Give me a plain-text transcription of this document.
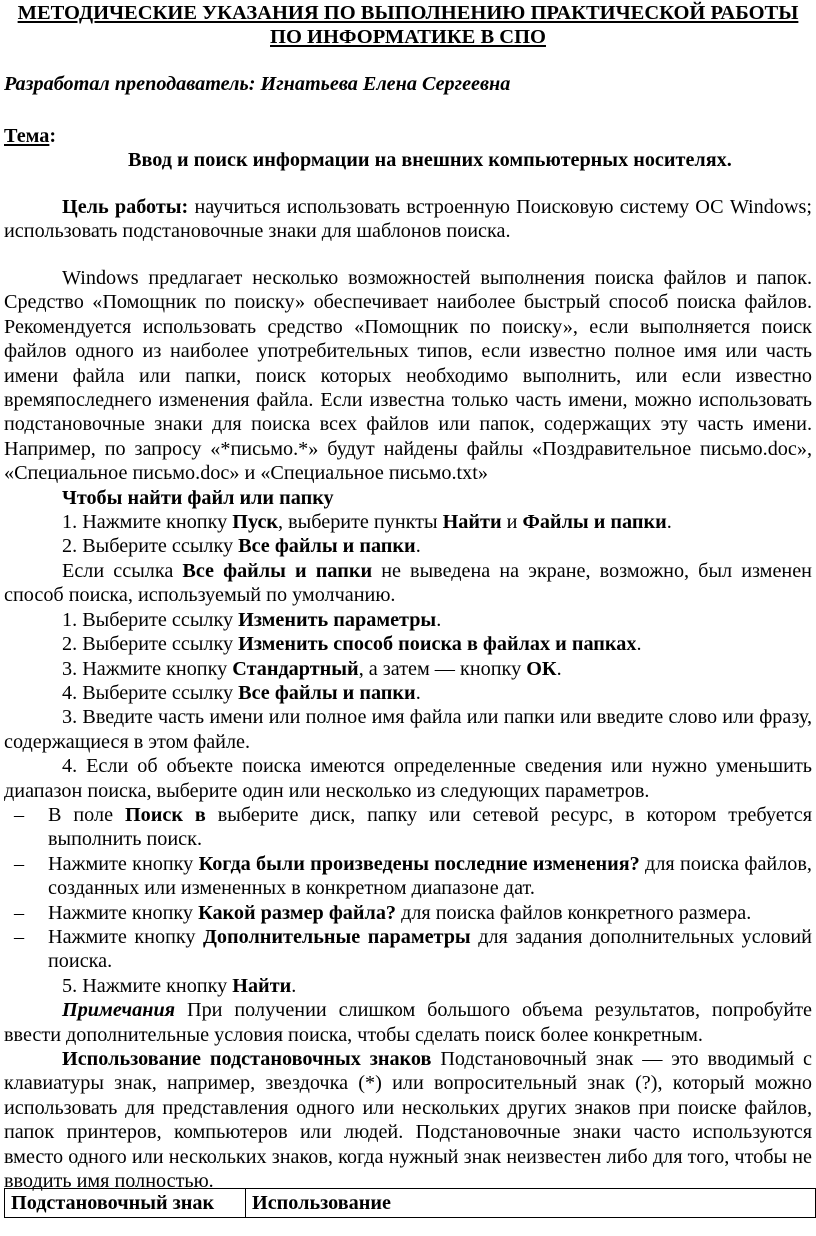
МЕТОДИЧЕСКИЕ УКАЗАНИЯ ПО ВЫПОЛНЕНИЮ ПРАКТИЧЕСКОЙ РАБОТЫ
ПО ИНФОРМАТИКЕ В СПО
Разработал преподаватель: Игнатьева Елена Сергеевна
Тема:
Ввод и поиск информации на внешних компьютерных носителях.
Цель работы: научиться использовать встроенную Поисковую систему ОС Windows; использовать подстановочные знаки для шаблонов поиска.

Windows предлагает несколько возможностей выполнения поиска файлов и папок. Средство «Помощник по поиску» обеспечивает наиболее быстрый способ поиска файлов. Рекомендуется использовать средство «Помощник по поиску», если выполняется поиск файлов одного из наиболее употребительных типов, если известно полное имя или часть имени файла или папки, поиск которых необходимо выполнить, или если известно времяпоследнего изменения файла. Если известна только часть имени, можно использовать подстановочные знаки для поиска всех файлов или папок, содержащих эту часть имени. Например, по запросу «*письмо.*» будут найдены файлы «Поздравительное письмо.doc», «Специальное письмо.doc» и «Специальное письмо.txt»

Чтобы найти файл или папку

1. Нажмите кнопку Пуск, выберите пункты Найти и Файлы и папки.

2. Выберите ссылку Все файлы и папки.

Если ссылка Все файлы и папки не выведена на экране, возможно, был изменен способ поиска, используемый по умолчанию.

1. Выберите ссылку Изменить параметры.

2. Выберите ссылку Изменить способ поиска в файлах и папках.

3. Нажмите кнопку Стандартный, а затем — кнопку ОК.

4. Выберите ссылку Все файлы и папки.

3. Введите часть имени или полное имя файла или папки или введите слово или фразу, содержащиеся в этом файле.

4. Если об объекте поиска имеются определенные сведения или нужно уменьшить диапазон поиска, выберите один или несколько из следующих параметров.

– В поле Поиск в выберите диск, папку или сетевой ресурс, в котором требуется выполнить поиск.

– Нажмите кнопку Когда были произведены последние изменения? для поиска файлов, созданных или измененных в конкретном диапазоне дат.

– Нажмите кнопку Какой размер файла? для поиска файлов конкретного размера.

– Нажмите кнопку Дополнительные параметры для задания дополнительных условий поиска.

5. Нажмите кнопку Найти.

Примечания При получении слишком большого объема результатов, попробуйте ввести дополнительные условия поиска, чтобы сделать поиск более конкретным.

Использование подстановочных знаков Подстановочный знак — это вводимый с клавиатуры знак, например, звездочка (*) или вопросительный знак (?), который можно использовать для представления одного или нескольких других знаков при поиске файлов, папок принтеров, компьютеров или людей. Подстановочные знаки часто используются вместо одного или нескольких знаков, когда нужный знак неизвестен либо для того, чтобы не вводить имя полностью.

Подстановочный знак	Использование
